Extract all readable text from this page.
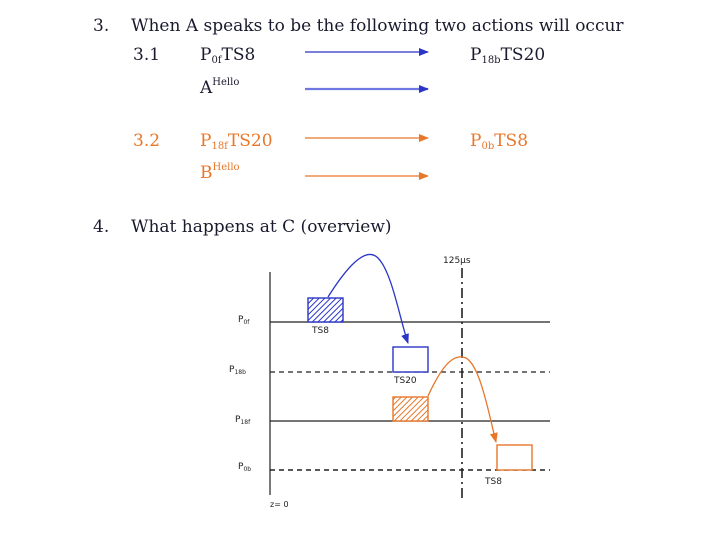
3. When A speaks to be the following two actions will occur
3.1 $P_{0f}TS8$	$P_{18b}TS20$
$A^{Hello}$
3.2 $P_{18f}TS20$	$P_{0b}TS8$
$B^{Hello}$
4. What happens at C (overview)
125µs
$P_{0f}$
$P_{18b}$
$P_{18f}$
$P_{0b}$
z= 0
TS8
TS20
TS8
